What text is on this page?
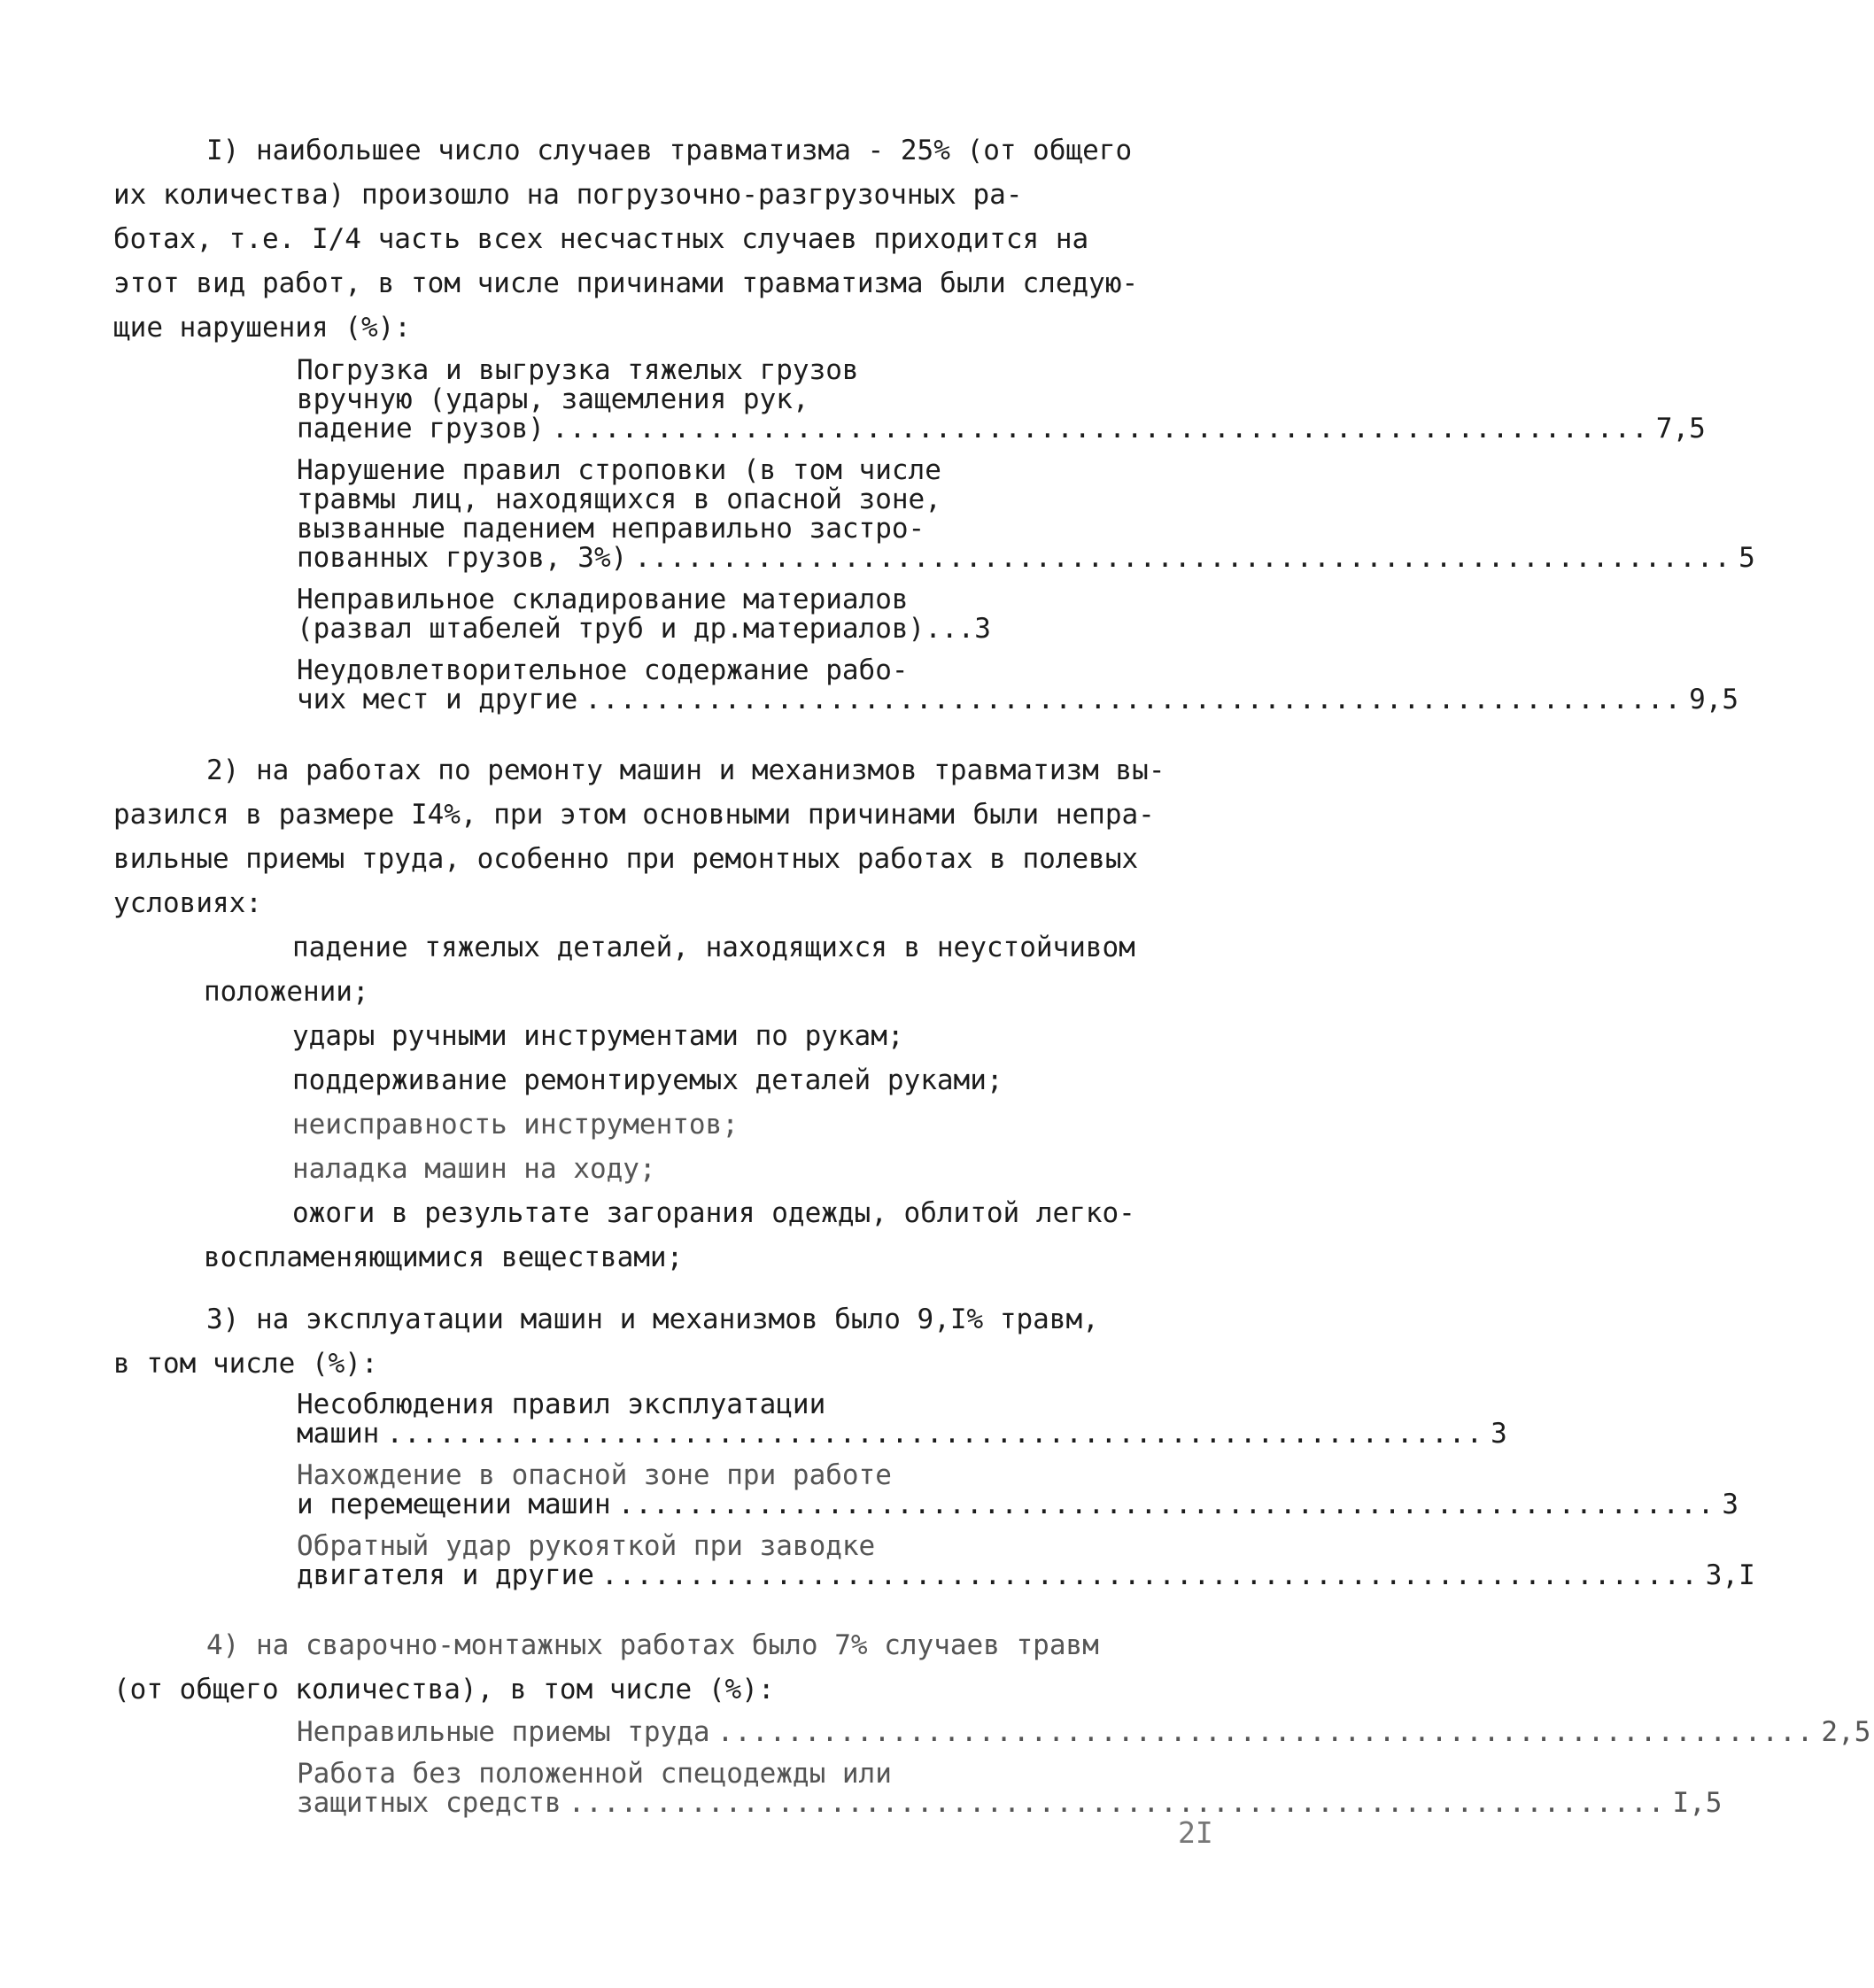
I) наибольшее число случаев травматизма - 25% (от общего
их количества) произошло на погрузочно-разгрузочных ра-
ботах, т.е. I/4 часть всех несчастных случаев приходится на
этот вид работ, в том числе причинами травматизма были следую-
щие нарушения (%):
Погрузка и выгрузка тяжелых грузов
вручную (удары, защемления рук,
падение грузов) ............................................................... 7,5
Нарушение правил строповки (в том числе
травмы лиц, находящихся в опасной зоне,
вызванные падением неправильно застро-
пованных грузов, 3%) ............................................................... 5
Неправильное складирование материалов
(развал штабелей труб и др.материалов)... 3
Неудовлетворительное содержание рабо-
чих мест и другие ............................................................... 9,5
2) на работах по ремонту машин и механизмов травматизм вы-
разился в размере I4%, при этом основными причинами были непра-
вильные приемы труда, особенно при ремонтных работах в полевых
условиях:
падение тяжелых деталей, находящихся в неустойчивом
положении;
удары ручными инструментами по рукам;
поддерживание ремонтируемых деталей руками;
неисправность инструментов;
наладка машин на ходу;
ожоги в результате загорания одежды, облитой легко-
воспламеняющимися веществами;
3) на эксплуатации машин и механизмов было 9,I% травм,
в том числе (%):
Несоблюдения правил эксплуатации
машин ............................................................... 3
Нахождение в опасной зоне при работе
и перемещении машин ............................................................... 3
Обратный удар рукояткой при заводке
двигателя и другие ............................................................... 3,I
4) на сварочно-монтажных работах было 7% случаев травм
(от общего количества), в том числе (%):
Неправильные приемы труда ............................................................... 2,5
Работа без положенной спецодежды или
защитных средств ............................................................... I,5
2I
